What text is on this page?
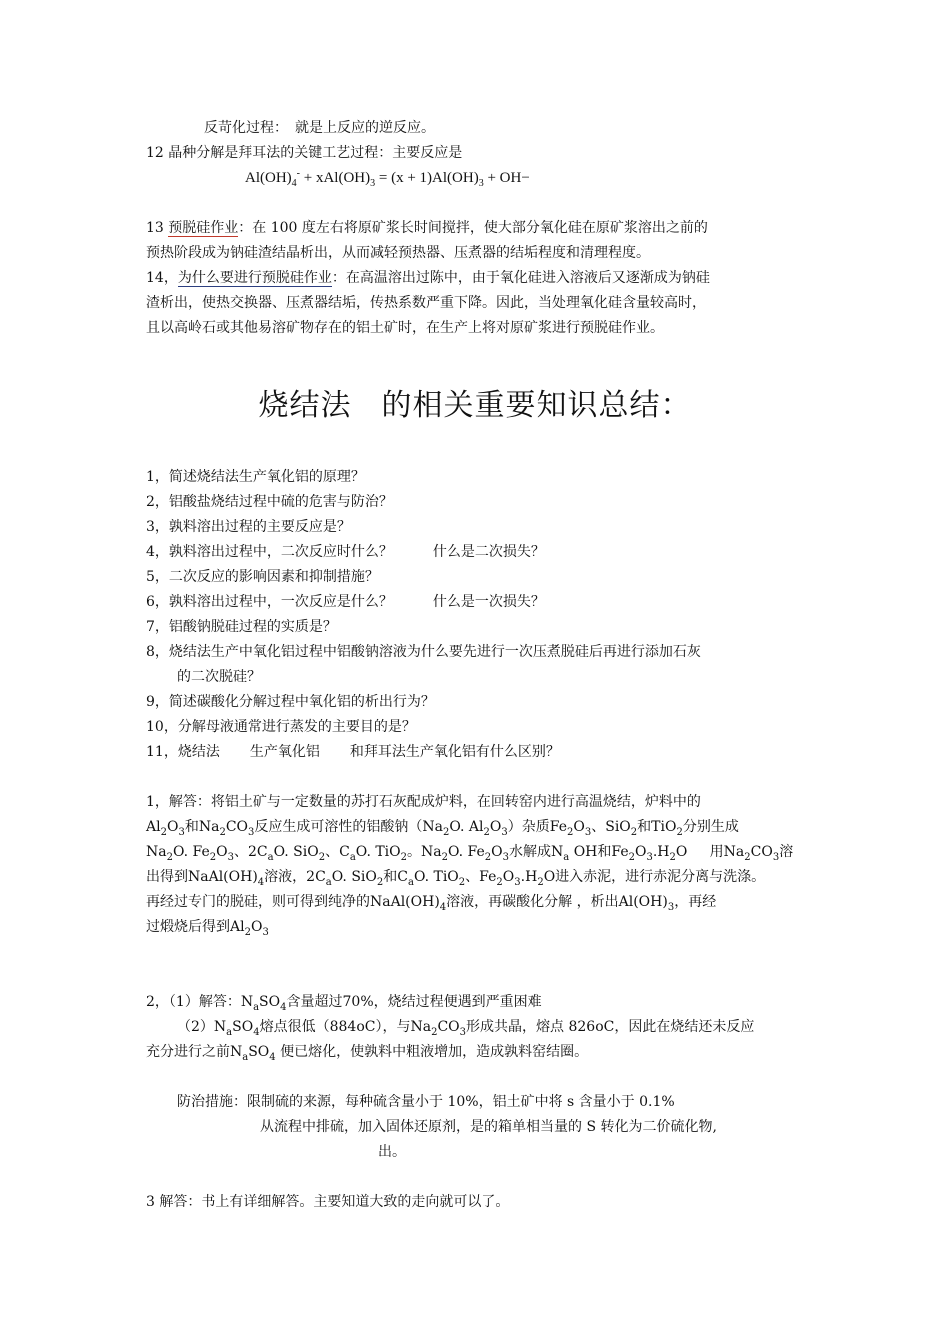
反苛化过程：　就是上反应的逆反应。
12 晶种分解是拜耳法的关键工艺过程：主要反应是
$Al(OH)_4^- + xAl(OH)_3 = (x + 1)Al(OH)_3 + OH-$
13 预脱硅作业：在 100 度左右将原矿浆长时间搅拌，使大部分氧化硅在原矿浆溶出之前的
预热阶段成为钠硅渣结晶析出，从而减轻预热器、压煮器的结垢程度和清理程度。
14，为什么要进行预脱硅作业：在高温溶出过陈中，由于氧化硅进入溶液后又逐渐成为钠硅
渣析出，使热交换器、压煮器结垢，传热系数严重下降。因此，当处理氧化硅含量较高时，
且以高岭石或其他易溶矿物存在的铝土矿时，在生产上将对原矿浆进行预脱硅作业。
烧结法 的相关重要知识总结：
1，简述烧结法生产氧化铝的原理？
2，铝酸盐烧结过程中硫的危害与防治？
3，孰料溶出过程的主要反应是？
4，孰料溶出过程中，二次反应时什么？	什么是二次损失？
5，二次反应的影响因素和抑制措施？
6，孰料溶出过程中，一次反应是什么？	什么是一次损失？
7，铝酸钠脱硅过程的实质是？
8，烧结法生产中氧化铝过程中铝酸钠溶液为什么要先进行一次压煮脱硅后再进行添加石灰
的二次脱硅？
9，简述碳酸化分解过程中氧化铝的析出行为？
10，分解母液通常进行蒸发的主要目的是？
11，烧结法 生产氧化铝 和拜耳法生产氧化铝有什么区别？
1，解答：将铝土矿与一定数量的苏打石灰配成炉料，在回转窑内进行高温烧结，炉料中的
$Al_2O_3$和$Na_2CO_3$反应生成可溶性的铝酸钠（$Na_2O$. $Al_2O_3$）杂质$Fe_2O_3$、SiO$_2$和TiO$_2$分别生成
$Na_2O$. $Fe_2O_3$、$2C_aO$. SiO$_2$、$C_aO$. TiO$_2$。$Na_2O$. $Fe_2O_3$水解成$N_a$ OH和$Fe_2O_3.H_2O$ 用$Na_2CO_3$溶
出得到$NaAl(OH)_4$溶液，$2C_aO$. SiO$_2$和$C_aO$. TiO$_2$、$Fe_2O_3.H_2O$进入赤泥，进行赤泥分离与洗涤。
再经过专门的脱硅，则可得到纯净的$NaAl(OH)_4$溶液，再碳酸化分解 ，析出$Al(OH)_3$，再经
过煅烧后得到$Al_2O_3$
2，（1）解答：$N_aSO_4$含量超过70%，烧结过程便遇到严重困难
$(2)N_aSO_4$熔点很低（884oC），与$Na_2CO_3$形成共晶，熔点 826oC，因此在烧结还未反应
充分进行之前$N_aSO_4$ 便已熔化，使孰料中粗液增加，造成孰料窑结圈。
防治措施：限制硫的来源，每种硫含量小于 10%，铝土矿中将 s 含量小于 0.1%
从流程中排硫，加入固体还原剂，是的箱单相当量的 S 转化为二价硫化物,
出。
3 解答：书上有详细解答。主要知道大致的走向就可以了。
